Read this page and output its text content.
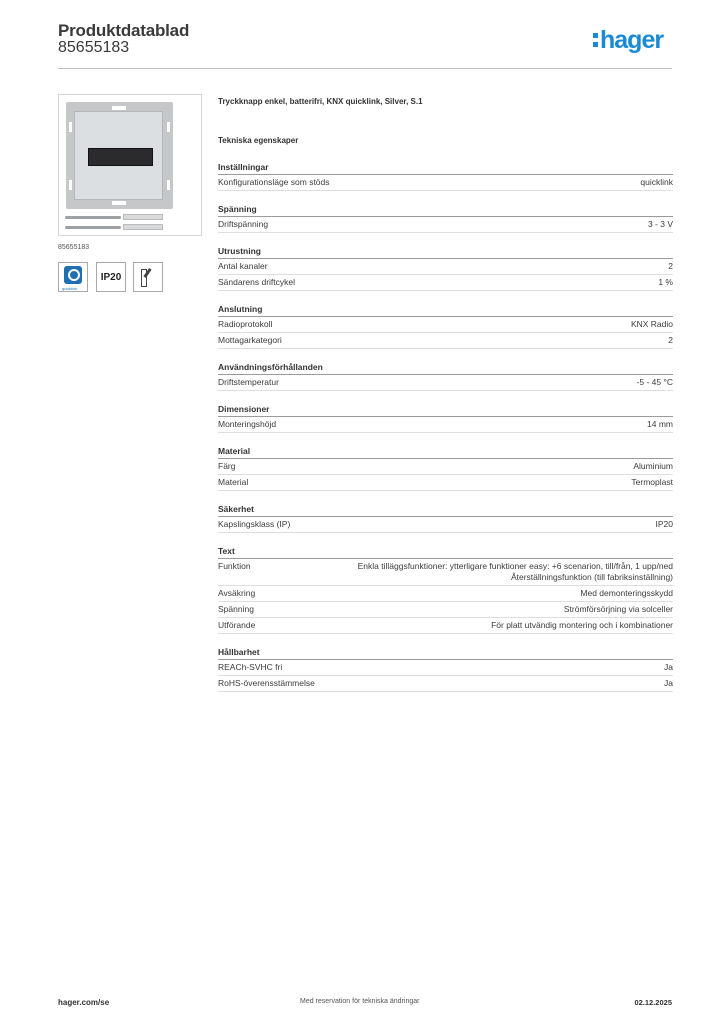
Produktdatablad
85655183	hager
85655183
quicklink
IP20
Tryckknapp enkel, batterifri, KNX quicklink, Silver, S.1
Tekniska egenskaper
Inställningar
Konfigurationsläge som stöds	quicklink
Spänning
Driftspänning	3 - 3 V
Utrustning
Antal kanaler	2
Sändarens driftcykel	1 %
Anslutning
Radioprotokoll	KNX Radio
Mottagarkategori	2
Användningsförhållanden
Driftstemperatur	-5 - 45 °C
Dimensioner
Monteringshöjd	14 mm
Material
Färg	Aluminium
Material	Termoplast
Säkerhet
Kapslingsklass (IP)	IP20
Text
Funktion	Enkla tilläggsfunktioner: ytterligare funktioner easy: +6 scenarion, till/från, 1 upp/ned Återställningsfunktion (till fabriksinställning)
Avsäkring	Med demonteringsskydd
Spänning	Strömförsörjning via solceller
Utförande	För platt utvändig montering och i kombinationer
Hållbarhet
REACh-SVHC fri	Ja
RoHS-överensstämmelse	Ja
hager.com/se	Med reservation för tekniska ändringar	02.12.2025
